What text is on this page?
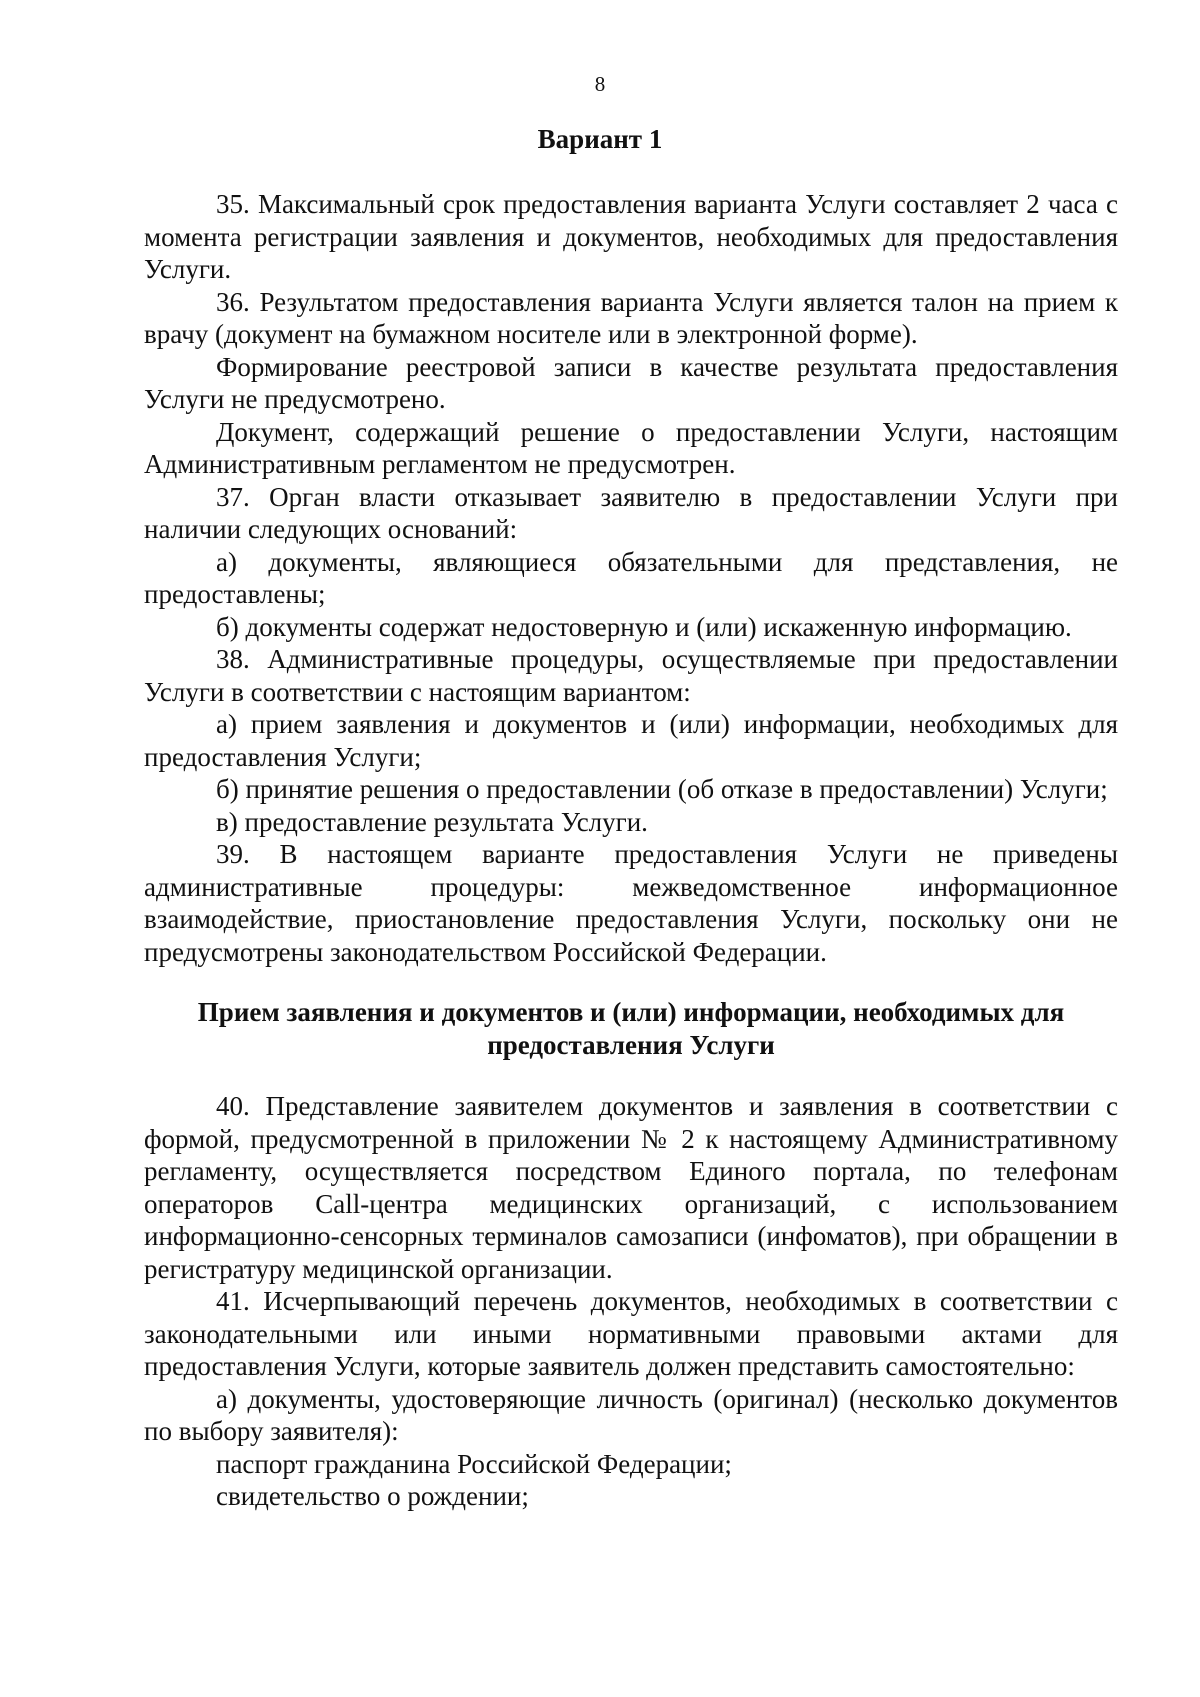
8
Вариант 1

35. Максимальный срок предоставления варианта Услуги составляет 2 часа с момента регистрации заявления и документов, необходимых для предоставления Услуги.

36. Результатом предоставления варианта Услуги является талон на прием к врачу (документ на бумажном носителе или в электронной форме).

Формирование реестровой записи в качестве результата предоставления Услуги не предусмотрено.

Документ, содержащий решение о предоставлении Услуги, настоящим Административным регламентом не предусмотрен.

37. Орган власти отказывает заявителю в предоставлении Услуги при наличии следующих оснований:

а) документы, являющиеся обязательными для представления, не предоставлены;

б) документы содержат недостоверную и (или) искаженную информацию.

38. Административные процедуры, осуществляемые при предоставлении Услуги в соответствии с настоящим вариантом:

а) прием заявления и документов и (или) информации, необходимых для предоставления Услуги;

б) принятие решения о предоставлении (об отказе в предоставлении) Услуги;

в) предоставление результата Услуги.

39. В настоящем варианте предоставления Услуги не приведены административные процедуры: межведомственное информационное взаимодействие, приостановление предоставления Услуги, поскольку они не предусмотрены законодательством Российской Федерации.

Прием заявления и документов и (или) информации, необходимых для предоставления Услуги

40. Представление заявителем документов и заявления в соответствии с формой, предусмотренной в приложении № 2 к настоящему Административному регламенту, осуществляется посредством Единого портала, по телефонам операторов Call-центра медицинских организаций, с использованием информационно-сенсорных терминалов самозаписи (инфоматов), при обращении в регистратуру медицинской организации.

41. Исчерпывающий перечень документов, необходимых в соответствии с законодательными или иными нормативными правовыми актами для предоставления Услуги, которые заявитель должен представить самостоятельно:

а) документы, удостоверяющие личность (оригинал) (несколько документов по выбору заявителя):

паспорт гражданина Российской Федерации;

свидетельство о рождении;
